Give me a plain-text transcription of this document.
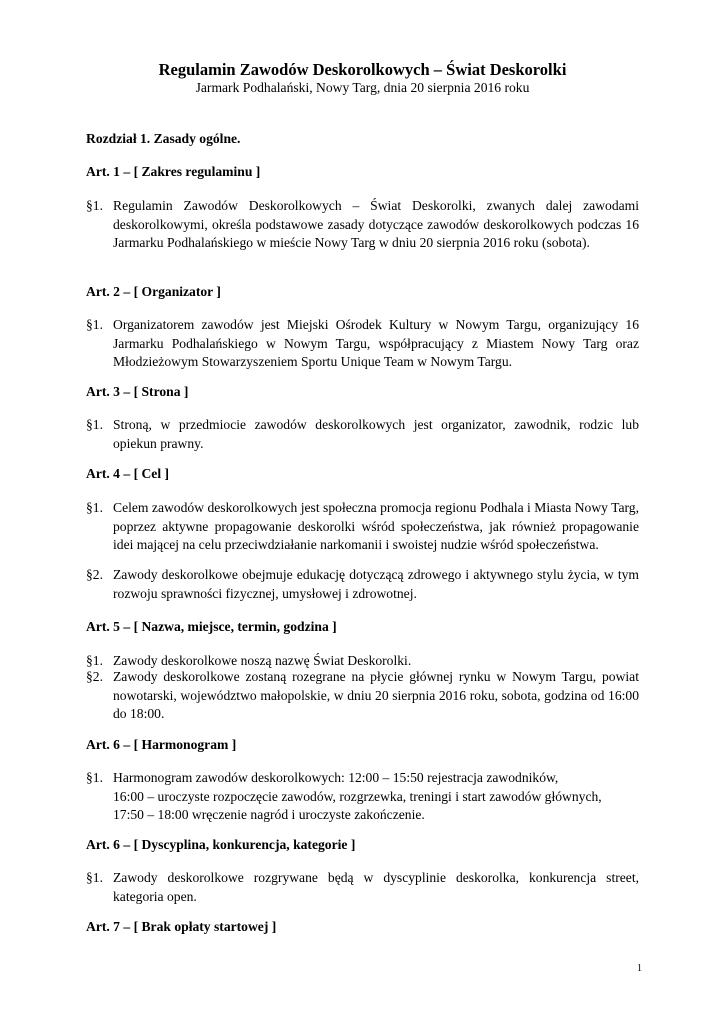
Regulamin Zawodów Deskorolkowych – Świat Deskorolki
Jarmark Podhalański, Nowy Targ, dnia 20 sierpnia 2016 roku
Rozdział 1. Zasady ogólne.
Art. 1 – [ Zakres regulaminu ]
§1. Regulamin Zawodów Deskorolkowych – Świat Deskorolki, zwanych dalej zawodami deskorolkowymi, określa podstawowe zasady dotyczące zawodów deskorolkowych podczas 16 Jarmarku Podhalańskiego w mieście Nowy Targ w dniu 20 sierpnia 2016 roku (sobota).
Art. 2 – [ Organizator ]
§1. Organizatorem zawodów jest Miejski Ośrodek Kultury w Nowym Targu, organizujący 16 Jarmarku Podhalańskiego w Nowym Targu, współpracujący z Miastem Nowy Targ oraz Młodzieżowym Stowarzyszeniem Sportu Unique Team w Nowym Targu.
Art. 3 – [ Strona ]
§1. Stroną, w przedmiocie zawodów deskorolkowych jest organizator, zawodnik, rodzic lub opiekun prawny.
Art. 4 – [ Cel ]
§1. Celem zawodów deskorolkowych jest społeczna promocja regionu Podhala i Miasta Nowy Targ, poprzez aktywne propagowanie deskorolki wśród społeczeństwa, jak również propagowanie idei mającej na celu przeciwdziałanie narkomanii i swoistej nudzie wśród społeczeństwa.
§2. Zawody deskorolkowe obejmuje edukację dotyczącą zdrowego i aktywnego stylu życia, w tym rozwoju sprawności fizycznej, umysłowej i zdrowotnej.
Art. 5 – [ Nazwa, miejsce, termin, godzina ]
§1. Zawody deskorolkowe noszą nazwę Świat Deskorolki.
§2. Zawody deskorolkowe zostaną rozegrane na płycie głównej rynku w Nowym Targu, powiat nowotarski, województwo małopolskie, w dniu 20 sierpnia 2016 roku, sobota, godzina od 16:00 do 18:00.
Art. 6 – [ Harmonogram ]
§1. Harmonogram zawodów deskorolkowych: 12:00 – 15:50 rejestracja zawodników,
16:00 – uroczyste rozpoczęcie zawodów, rozgrzewka, treningi i start zawodów głównych,
17:50 – 18:00 wręczenie nagród i uroczyste zakończenie.
Art. 6 – [ Dyscyplina, konkurencja, kategorie ]
§1. Zawody deskorolkowe rozgrywane będą w dyscyplinie deskorolka, konkurencja street, kategoria open.
Art. 7 – [ Brak opłaty startowej ]
1
